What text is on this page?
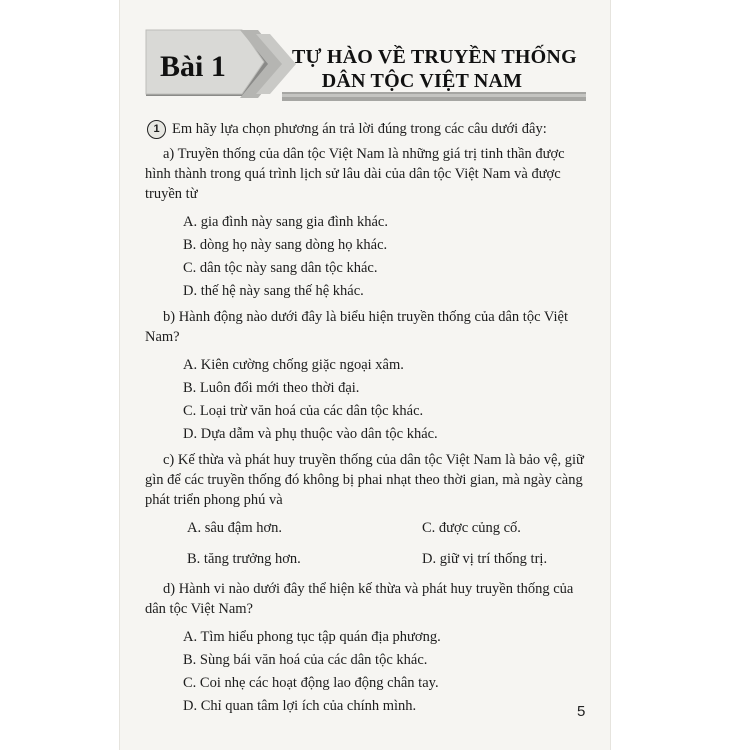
Bài 1	TỰ HÀO VỀ TRUYỀN THỐNG
DÂN TỘC VIỆT NAM
1 Em hãy lựa chọn phương án trả lời đúng trong các câu dưới đây:

a) Truyền thống của dân tộc Việt Nam là những giá trị tinh thần được hình thành trong quá trình lịch sử lâu dài của dân tộc Việt Nam và được truyền từ

A. gia đình này sang gia đình khác.
B. dòng họ này sang dòng họ khác.
C. dân tộc này sang dân tộc khác.
D. thế hệ này sang thế hệ khác.

b) Hành động nào dưới đây là biểu hiện truyền thống của dân tộc Việt Nam?

A. Kiên cường chống giặc ngoại xâm.
B. Luôn đổi mới theo thời đại.
C. Loại trừ văn hoá của các dân tộc khác.
D. Dựa dẫm và phụ thuộc vào dân tộc khác.

c) Kế thừa và phát huy truyền thống của dân tộc Việt Nam là bảo vệ, giữ gìn để các truyền thống đó không bị phai nhạt theo thời gian, mà ngày càng phát triển phong phú và

A. sâu đậm hơn.	C. được củng cố.
B. tăng trưởng hơn.	D. giữ vị trí thống trị.

d) Hành vi nào dưới đây thể hiện kế thừa và phát huy truyền thống của dân tộc Việt Nam?

A. Tìm hiểu phong tục tập quán địa phương.
B. Sùng bái văn hoá của các dân tộc khác.
C. Coi nhẹ các hoạt động lao động chân tay.
D. Chỉ quan tâm lợi ích của chính mình.	5
